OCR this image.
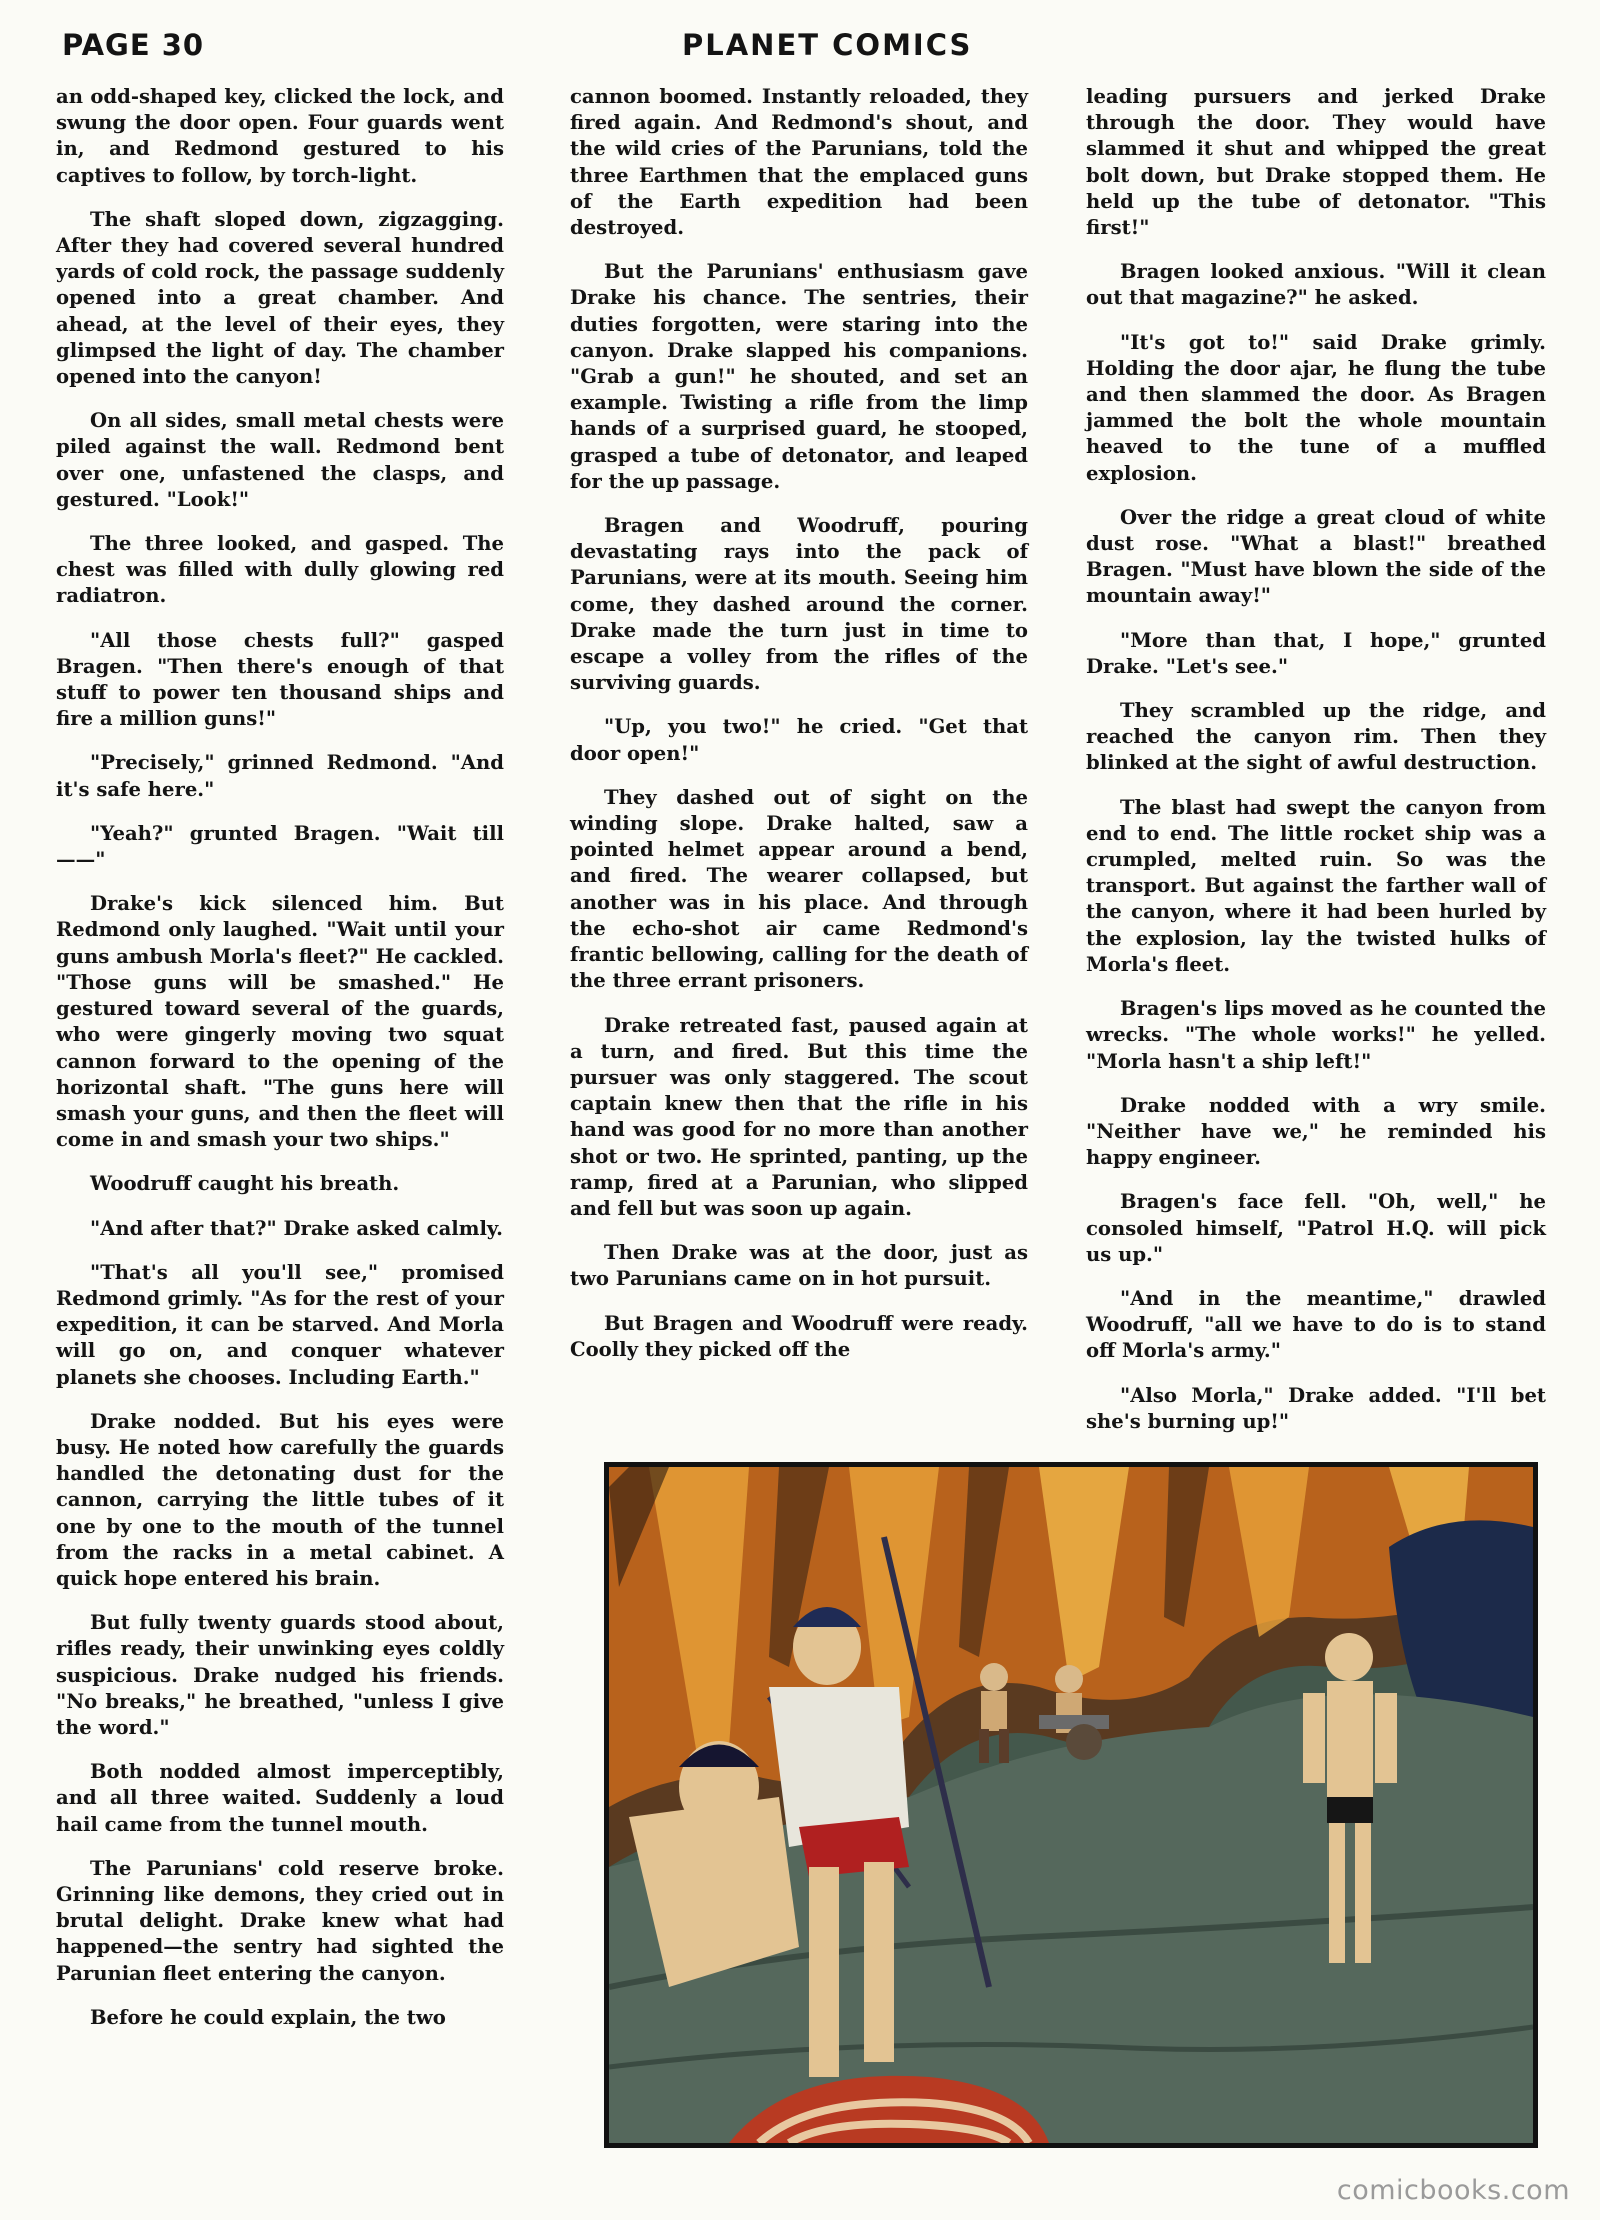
PAGE 30	PLANET COMICS

an odd-shaped key, clicked the lock, and swung the door open. Four guards went in, and Redmond gestured to his captives to follow, by torch-light.

The shaft sloped down, zigzagging. After they had covered several hundred yards of cold rock, the passage suddenly opened into a great chamber. And ahead, at the level of their eyes, they glimpsed the light of day. The chamber opened into the canyon!

On all sides, small metal chests were piled against the wall. Redmond bent over one, unfastened the clasps, and gestured. "Look!"

The three looked, and gasped. The chest was filled with dully glowing red radiatron.

"All those chests full?" gasped Bragen. "Then there's enough of that stuff to power ten thousand ships and fire a million guns!"

"Precisely," grinned Redmond. "And it's safe here."

"Yeah?" grunted Bragen. "Wait till——"

Drake's kick silenced him. But Redmond only laughed. "Wait until your guns ambush Morla's fleet?" He cackled. "Those guns will be smashed." He gestured toward several of the guards, who were gingerly moving two squat cannon forward to the opening of the horizontal shaft. "The guns here will smash your guns, and then the fleet will come in and smash your two ships."

Woodruff caught his breath.

"And after that?" Drake asked calmly.

"That's all you'll see," promised Redmond grimly. "As for the rest of your expedition, it can be starved. And Morla will go on, and conquer whatever planets she chooses. Including Earth."

Drake nodded. But his eyes were busy. He noted how carefully the guards handled the detonating dust for the cannon, carrying the little tubes of it one by one to the mouth of the tunnel from the racks in a metal cabinet. A quick hope entered his brain.

But fully twenty guards stood about, rifles ready, their unwinking eyes coldly suspicious. Drake nudged his friends. "No breaks," he breathed, "unless I give the word."

Both nodded almost imperceptibly, and all three waited. Suddenly a loud hail came from the tunnel mouth.

The Parunians' cold reserve broke. Grinning like demons, they cried out in brutal delight. Drake knew what had happened—the sentry had sighted the Parunian fleet entering the canyon.

Before he could explain, the two

cannon boomed. Instantly reloaded, they fired again. And Redmond's shout, and the wild cries of the Parunians, told the three Earthmen that the emplaced guns of the Earth expedition had been destroyed.

But the Parunians' enthusiasm gave Drake his chance. The sentries, their duties forgotten, were staring into the canyon. Drake slapped his companions. "Grab a gun!" he shouted, and set an example. Twisting a rifle from the limp hands of a surprised guard, he stooped, grasped a tube of detonator, and leaped for the up passage.

Bragen and Woodruff, pouring devastating rays into the pack of Parunians, were at its mouth. Seeing him come, they dashed around the corner. Drake made the turn just in time to escape a volley from the rifles of the surviving guards.

"Up, you two!" he cried. "Get that door open!"

They dashed out of sight on the winding slope. Drake halted, saw a pointed helmet appear around a bend, and fired. The wearer collapsed, but another was in his place. And through the echo-shot air came Redmond's frantic bellowing, calling for the death of the three errant prisoners.

Drake retreated fast, paused again at a turn, and fired. But this time the pursuer was only staggered. The scout captain knew then that the rifle in his hand was good for no more than another shot or two. He sprinted, panting, up the ramp, fired at a Parunian, who slipped and fell but was soon up again.

Then Drake was at the door, just as two Parunians came on in hot pursuit.

But Bragen and Woodruff were ready. Coolly they picked off the

leading pursuers and jerked Drake through the door. They would have slammed it shut and whipped the great bolt down, but Drake stopped them. He held up the tube of detonator. "This first!"

Bragen looked anxious. "Will it clean out that magazine?" he asked.

"It's got to!" said Drake grimly. Holding the door ajar, he flung the tube and then slammed the door. As Bragen jammed the bolt the whole mountain heaved to the tune of a muffled explosion.

Over the ridge a great cloud of white dust rose. "What a blast!" breathed Bragen. "Must have blown the side of the mountain away!"

"More than that, I hope," grunted Drake. "Let's see."

They scrambled up the ridge, and reached the canyon rim. Then they blinked at the sight of awful destruction.

The blast had swept the canyon from end to end. The little rocket ship was a crumpled, melted ruin. So was the transport. But against the farther wall of the canyon, where it had been hurled by the explosion, lay the twisted hulks of Morla's fleet.

Bragen's lips moved as he counted the wrecks. "The whole works!" he yelled. "Morla hasn't a ship left!"

Drake nodded with a wry smile. "Neither have we," he reminded his happy engineer.

Bragen's face fell. "Oh, well," he consoled himself, "Patrol H.Q. will pick us up."

"And in the meantime," drawled Woodruff, "all we have to do is to stand off Morla's army."

"Also Morla," Drake added. "I'll bet she's burning up!"

comicbooks.com
